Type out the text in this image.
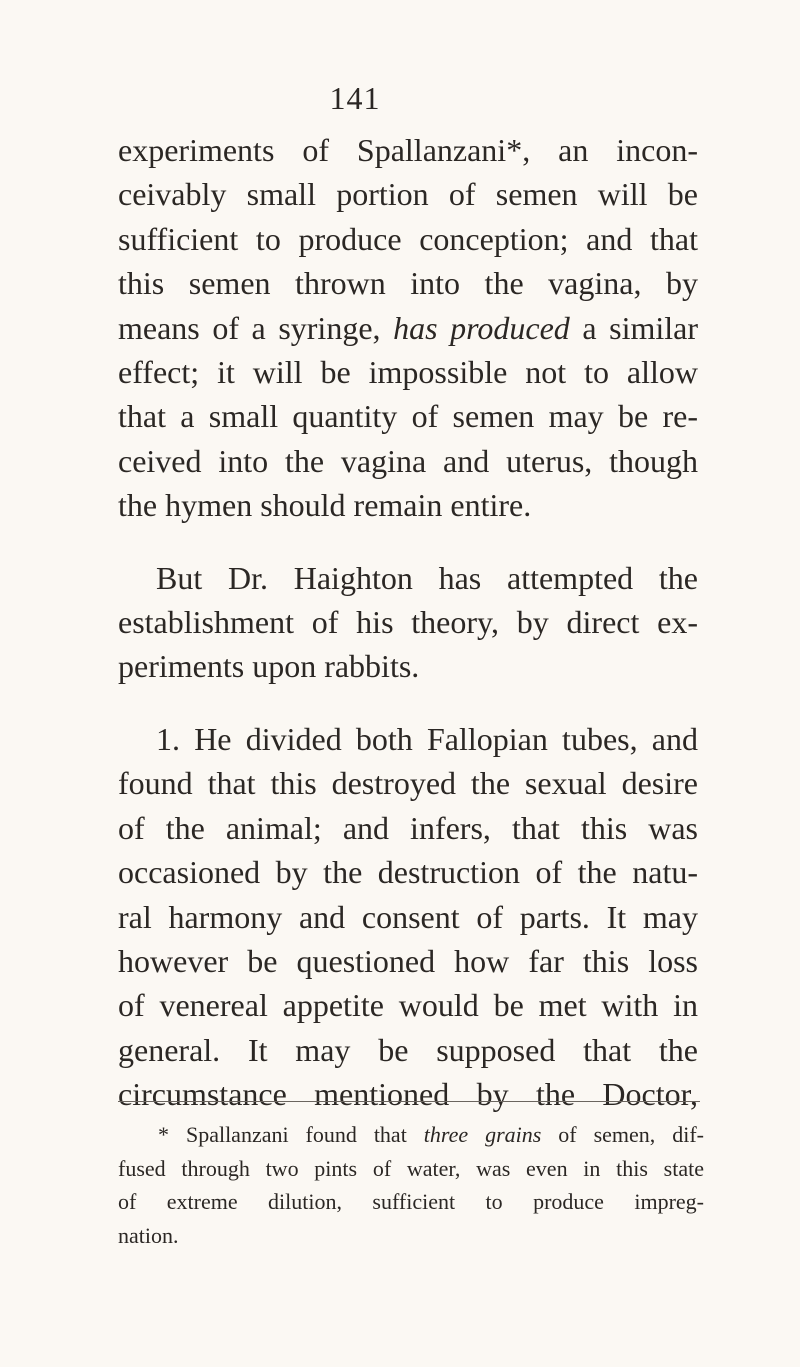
141
experiments of Spallanzani*, an incon-
ceivably small portion of semen will be
sufficient to produce conception; and that
this semen thrown into the vagina, by
means of a syringe, has produced a similar
effect; it will be impossible not to allow
that a small quantity of semen may be re-
ceived into the vagina and uterus, though
the hymen should remain entire.
But Dr. Haighton has attempted the
establishment of his theory, by direct ex-
periments upon rabbits.
1. He divided both Fallopian tubes, and
found that this destroyed the sexual desire
of the animal; and infers, that this was
occasioned by the destruction of the natu-
ral harmony and consent of parts. It may
however be questioned how far this loss
of venereal appetite would be met with in
general. It may be supposed that the
circumstance mentioned by the Doctor,
* Spallanzani found that three grains of semen, dif-
fused through two pints of water, was even in this state
of extreme dilution, sufficient to produce impreg-
nation.
